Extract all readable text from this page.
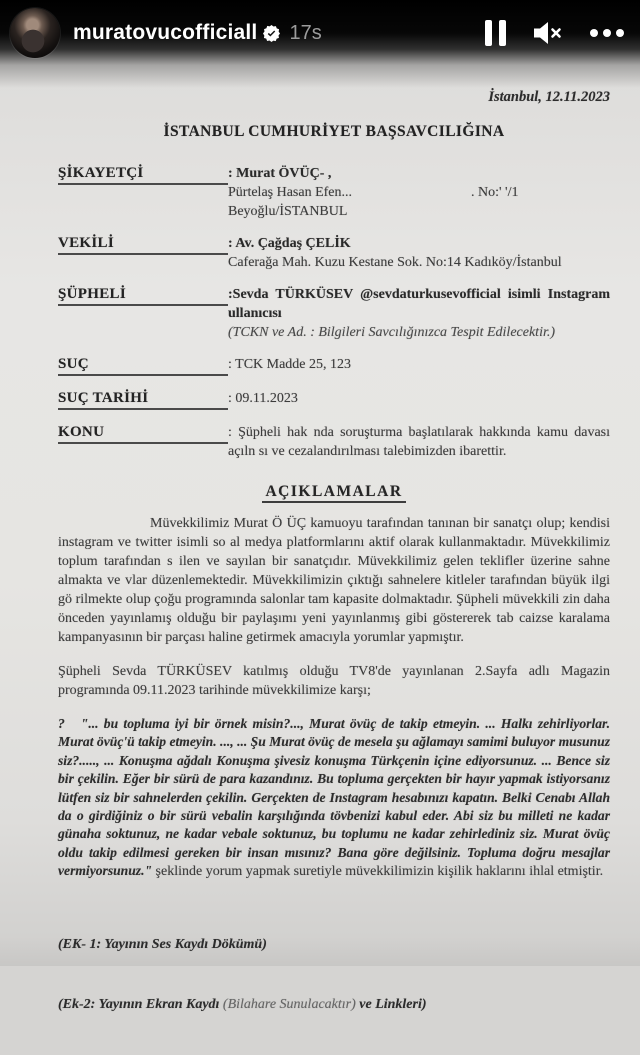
İstanbul, 12.11.2023
İSTANBUL CUMHURİYET BAŞSAVCILIĞINA
ŞİKAYETÇİ	: Murat ÖVÜÇ- ,
Pürtelaş Hasan Efen...                                  . No:' '/1
Beyoğlu/İSTANBUL
VEKİLİ	: Av. Çağdaş ÇELİK
Caferağa Mah. Kuzu Kestane Sok. No:14 Kadıköy/İstanbul
ŞÜPHELİ	:Sevda TÜRKÜSEV @sevdaturkusevofficial isimli Instagram ullanıcısı
(TCKN ve Ad. : Bilgileri Savcılığınızca Tespit Edilecektir.)
SUÇ	: TCK Madde 25, 123
SUÇ TARİHİ	: 09.11.2023
KONU	: Şüpheli hak nda soruşturma başlatılarak hakkında kamu davası açıln sı ve cezalandırılması talebimizden ibarettir.
AÇIKLAMALAR

Müvekkilimiz Murat Ö ÜÇ kamuoyu tarafından tanınan bir sanatçı olup; kendisi instagram ve twitter isimli so al medya platformlarını aktif olarak kullanmaktadır. Müvekkilimiz toplum tarafından s ilen ve sayılan bir sanatçıdır. Müvekkilimiz gelen teklifler üzerine sahne almakta ve vlar düzenlemektedir. Müvekkilimizin çıktığı sahnelere kitleler tarafından büyük ilgi gö rilmekte olup çoğu programında salonlar tam kapasite dolmaktadır. Şüpheli müvekkili zin daha önceden yayınlamış olduğu bir paylaşımı yeni yayınlanmış gibi göstererek tab caizse karalama kampanyasının bir parçası haline getirmek amacıyla yorumlar yapmıştır.

Şüpheli Sevda TÜRKÜSEV katılmış olduğu TV8'de yayınlanan 2.Sayfa adlı Magazin programında 09.11.2023 tarihinde müvekkilimize karşı;

? "... bu topluma iyi bir örnek misin?..., Murat övüç de takip etmeyin. ... Halkı zehirliyorlar. Murat övüç'ü takip etmeyin. ..., ... Şu Murat övüç de mesela şu ağlamayı samimi buluyor musunuz siz?....., ... Konuşma ağdalı Konuşma şivesiz konuşma Türkçenin içine ediyorsunuz. ... Bence siz bir çekilin. Eğer bir sürü de para kazandınız. Bu topluma gerçekten bir hayır yapmak istiyorsanız lütfen siz bir sahnelerden çekilin. Gerçekten de Instagram hesabınızı kapatın. Belki Cenabı Allah da o girdiğiniz o bir sürü vebalin karşılığında tövbenizi kabul eder. Abi siz bu milleti ne kadar günaha soktunuz, ne kadar vebale soktunuz, bu toplumu ne kadar zehirlediniz siz. Murat övüç oldu takip edilmesi gereken bir insan mısınız? Bana göre değilsiniz. Topluma doğru mesajlar vermiyorsunuz." şeklinde yorum yapmak suretiyle müvekkilimizin kişilik haklarını ihlal etmiştir.

(EK- 1: Yayının Ses Kaydı Dökümü)

(Ek-2: Yayının Ekran Kaydı (Bilahare Sunulacaktır) ve Linkleri)

muratovucofficiall 17s
